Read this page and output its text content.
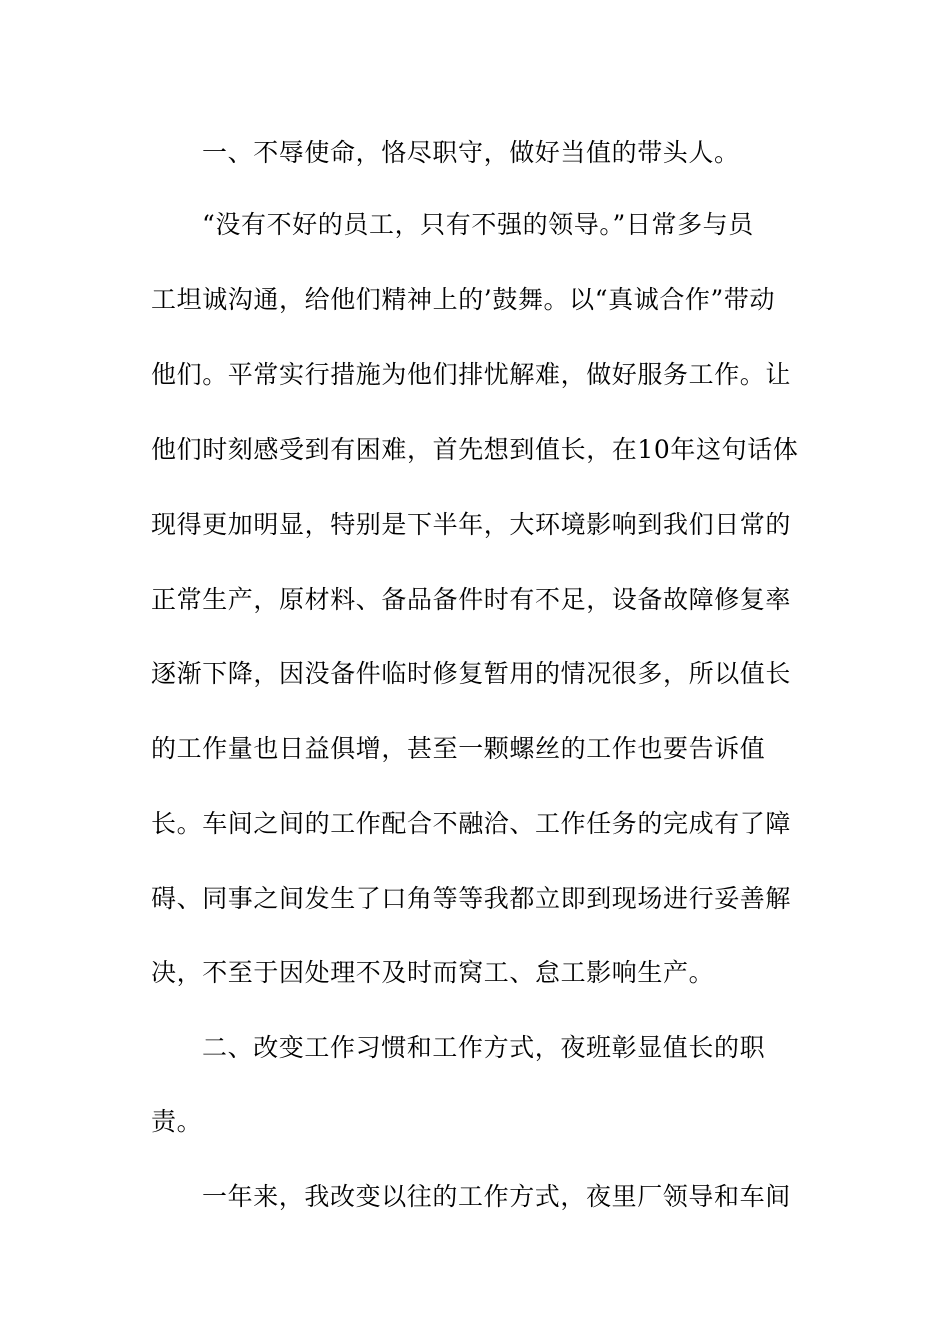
一、不辱使命，恪尽职守，做好当值的带头人。
“没有不好的员工，只有不强的领导。”日常多与员
工坦诚沟通，给他们精神上的’鼓舞。以“真诚合作”带动
他们。平常实行措施为他们排忧解难，做好服务工作。让
他们时刻感受到有困难，首先想到值长，在10年这句话体
现得更加明显，特别是下半年，大环境影响到我们日常的
正常生产，原材料、备品备件时有不足，设备故障修复率
逐渐下降，因没备件临时修复暂用的情况很多，所以值长
的工作量也日益俱增，甚至一颗螺丝的工作也要告诉值
长。车间之间的工作配合不融洽、工作任务的完成有了障
碍、同事之间发生了口角等等我都立即到现场进行妥善解
决，不至于因处理不及时而窝工、怠工影响生产。
二、改变工作习惯和工作方式，夜班彰显值长的职
责。
一年来，我改变以往的工作方式，夜里厂领导和车间
